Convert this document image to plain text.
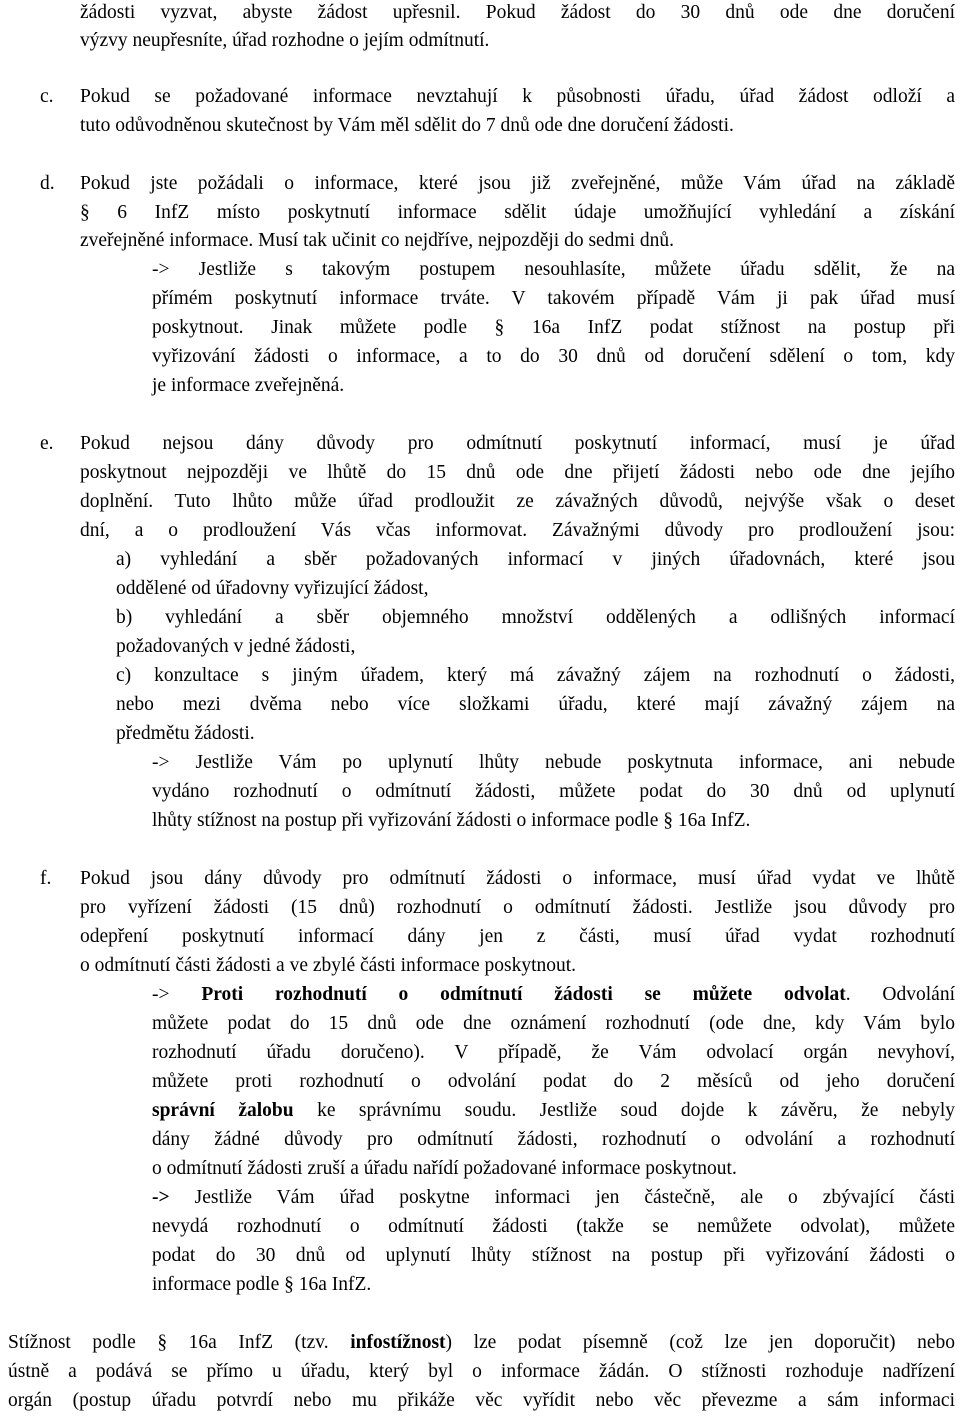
žádosti vyzvat, abyste žádost upřesnil. Pokud žádost do 30 dnů ode dne doručení
výzvy neupřesníte, úřad rozhodne o jejím odmítnutí.
c. Pokud se požadované informace nevztahují k působnosti úřadu, úřad žádost odloží a
tuto odůvodněnou skutečnost by Vám měl sdělit do 7 dnů ode dne doručení žádosti.
d. Pokud jste požádali o informace, které jsou již zveřejněné, může Vám úřad na základě
§ 6 InfZ místo poskytnutí informace sdělit údaje umožňující vyhledání a získání
zveřejněné informace. Musí tak učinit co nejdříve, nejpozději do sedmi dnů.
-> Jestliže s takovým postupem nesouhlasíte, můžete úřadu sdělit, že na
přímém poskytnutí informace trváte. V takovém případě Vám ji pak úřad musí
poskytnout. Jinak můžete podle § 16a InfZ podat stížnost na postup při
vyřizování žádosti o informace, a to do 30 dnů od doručení sdělení o tom, kdy
je informace zveřejněná.
e. Pokud nejsou dány důvody pro odmítnutí poskytnutí informací, musí je úřad
poskytnout nejpozději ve lhůtě do 15 dnů ode dne přijetí žádosti nebo ode dne jejího
doplnění. Tuto lhůto může úřad prodloužit ze závažných důvodů, nejvýše však o deset
dní, a o prodloužení Vás včas informovat. Závažnými důvody pro prodloužení jsou:
a) vyhledání a sběr požadovaných informací v jiných úřadovnách, které jsou
oddělené od úřadovny vyřizující žádost,
b) vyhledání a sběr objemného množství oddělených a odlišných informací
požadovaných v jedné žádosti,
c) konzultace s jiným úřadem, který má závažný zájem na rozhodnutí o žádosti,
nebo mezi dvěma nebo více složkami úřadu, které mají závažný zájem na
předmětu žádosti.
-> Jestliže Vám po uplynutí lhůty nebude poskytnuta informace, ani nebude
vydáno rozhodnutí o odmítnutí žádosti, můžete podat do 30 dnů od uplynutí
lhůty stížnost na postup při vyřizování žádosti o informace podle § 16a InfZ.
f. Pokud jsou dány důvody pro odmítnutí žádosti o informace, musí úřad vydat ve lhůtě
pro vyřízení žádosti (15 dnů) rozhodnutí o odmítnutí žádosti. Jestliže jsou důvody pro
odepření poskytnutí informací dány jen z části, musí úřad vydat rozhodnutí
o odmítnutí části žádosti a ve zbylé části informace poskytnout.
-> Proti rozhodnutí o odmítnutí žádosti se můžete odvolat. Odvolání
můžete podat do 15 dnů ode dne oznámení rozhodnutí (ode dne, kdy Vám bylo
rozhodnutí úřadu doručeno). V případě, že Vám odvolací orgán nevyhoví,
můžete proti rozhodnutí o odvolání podat do 2 měsíců od jeho doručení
správní žalobu ke správnímu soudu. Jestliže soud dojde k závěru, že nebyly
dány žádné důvody pro odmítnutí žádosti, rozhodnutí o odvolání a rozhodnutí
o odmítnutí žádosti zruší a úřadu nařídí požadované informace poskytnout.
-> Jestliže Vám úřad poskytne informaci jen částečně, ale o zbývající části
nevydá rozhodnutí o odmítnutí žádosti (takže se nemůžete odvolat), můžete
podat do 30 dnů od uplynutí lhůty stížnost na postup při vyřizování žádosti o
informace podle § 16a InfZ.
Stížnost podle § 16a InfZ (tzv. infostížnost) lze podat písemně (což lze jen doporučit) nebo
ústně a podává se přímo u úřadu, který byl o informace žádán. O stížnosti rozhoduje nadřízení
orgán (postup úřadu potvrdí nebo mu přikáže věc vyřídit nebo věc převezme a sám informaci
